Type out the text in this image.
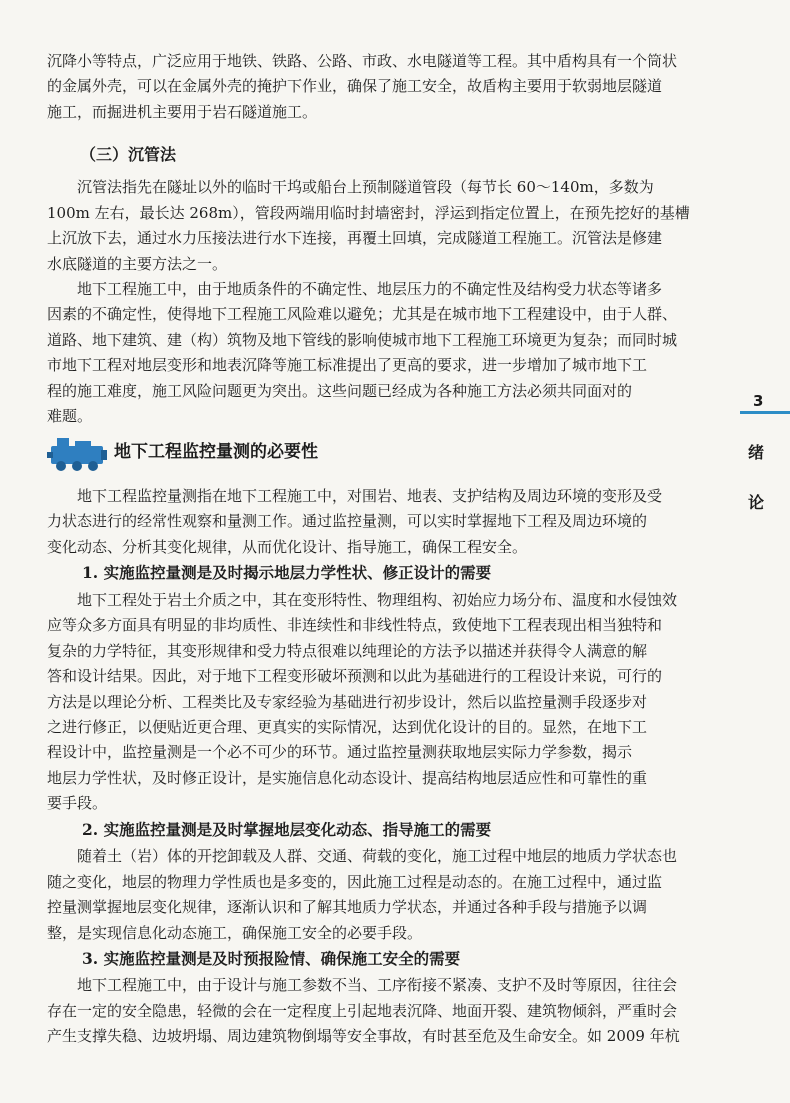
（三）沉管法
地下工程监控量测的必要性
沉降小等特点，广泛应用于地铁、铁路、公路、市政、水电隧道等工程。其中盾构具有一个筒状
的金属外壳，可以在金属外壳的掩护下作业，确保了施工安全，故盾构主要用于软弱地层隧道
施工，而掘进机主要用于岩石隧道施工。
　　沉管法指先在隧址以外的临时干坞或船台上预制隧道管段（每节长 60～140m，多数为
100m 左右，最长达 268m），管段两端用临时封墙密封，浮运到指定位置上，在预先挖好的基槽
上沉放下去，通过水力压接法进行水下连接，再覆土回填，完成隧道工程施工。沉管法是修建
水底隧道的主要方法之一。
　　地下工程施工中，由于地质条件的不确定性、地层压力的不确定性及结构受力状态等诸多
因素的不确定性，使得地下工程施工风险难以避免；尤其是在城市地下工程建设中，由于人群、
道路、地下建筑、建（构）筑物及地下管线的影响使城市地下工程施工环境更为复杂；而同时城
市地下工程对地层变形和地表沉降等施工标准提出了更高的要求，进一步增加了城市地下工
程的施工难度，施工风险问题更为突出。这些问题已经成为各种施工方法必须共同面对的
难题。
　　地下工程监控量测指在地下工程施工中，对围岩、地表、支护结构及周边环境的变形及受
力状态进行的经常性观察和量测工作。通过监控量测，可以实时掌握地下工程及周边环境的
变化动态、分析其变化规律，从而优化设计、指导施工，确保工程安全。
1. 实施监控量测是及时揭示地层力学性状、修正设计的需要
　　地下工程处于岩土介质之中，其在变形特性、物理组构、初始应力场分布、温度和水侵蚀效
应等众多方面具有明显的非均质性、非连续性和非线性特点，致使地下工程表现出相当独特和
复杂的力学特征，其变形规律和受力特点很难以纯理论的方法予以描述并获得令人满意的解
答和设计结果。因此，对于地下工程变形破坏预测和以此为基础进行的工程设计来说，可行的
方法是以理论分析、工程类比及专家经验为基础进行初步设计，然后以监控量测手段逐步对
之进行修正，以便贴近更合理、更真实的实际情况，达到优化设计的目的。显然，在地下工
程设计中，监控量测是一个必不可少的环节。通过监控量测获取地层实际力学参数，揭示
地层力学性状，及时修正设计，是实施信息化动态设计、提高结构地层适应性和可靠性的重
要手段。
2. 实施监控量测是及时掌握地层变化动态、指导施工的需要
　　随着土（岩）体的开挖卸载及人群、交通、荷载的变化，施工过程中地层的地质力学状态也
随之变化，地层的物理力学性质也是多变的，因此施工过程是动态的。在施工过程中，通过监
控量测掌握地层变化规律，逐渐认识和了解其地质力学状态，并通过各种手段与措施予以调
整，是实现信息化动态施工，确保施工安全的必要手段。
3. 实施监控量测是及时预报险情、确保施工安全的需要
　　地下工程施工中，由于设计与施工参数不当、工序衔接不紧凑、支护不及时等原因，往往会
存在一定的安全隐患，轻微的会在一定程度上引起地表沉降、地面开裂、建筑物倾斜，严重时会
产生支撑失稳、边坡坍塌、周边建筑物倒塌等安全事故，有时甚至危及生命安全。如 2009 年杭
3
绪
论
